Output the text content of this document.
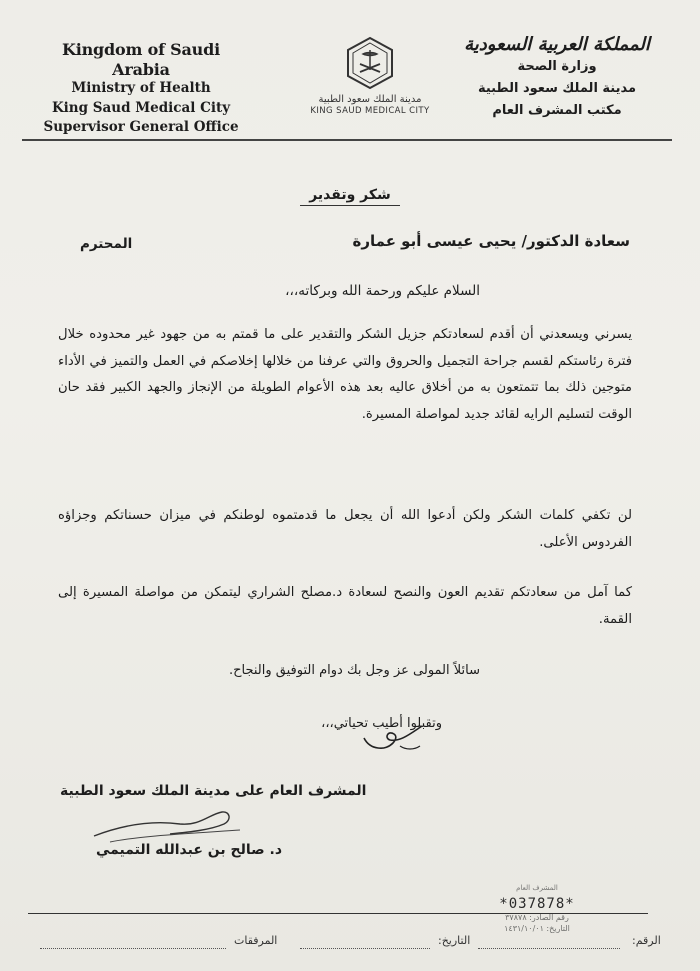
Kingdom of Saudi Arabia
Ministry of Health
King Saud Medical City
Supervisor General Office
مدينة الملك سعود الطبية
KING SAUD MEDICAL CITY
المملكة العربية السعودية
وزارة الصحة
مدينة الملك سعود الطبية
مكتب المشرف العام
شكر وتقدير
سعادة الدكتور/ يحيى عيسى أبو عمارة
المحترم
السلام عليكم ورحمة الله وبركاته،،،
يسرني ويسعدني أن أقدم لسعادتكم جزيل الشكر والتقدير على ما قمتم به من جهود غير محدوده خلال فترة رئاستكم لقسم جراحة التجميل والحروق والتي عرفنا من خلالها إخلاصكم في العمل والتميز في الأداء متوجين ذلك بما تتمتعون به من أخلاق عاليه بعد هذه الأعوام الطويلة من الإنجاز والجهد الكبير فقد حان الوقت لتسليم الرايه لقائد جديد لمواصلة المسيرة.
لن تكفي كلمات الشكر ولكن أدعوا الله أن يجعل ما قدمتموه لوطنكم في ميزان حسناتكم وجزاؤه الفردوس الأعلى.
كما آمل من سعادتكم تقديم العون والنصح لسعادة د.مصلح الشراري ليتمكن من مواصلة المسيرة إلى القمة.
سائلاً المولى عز وجل بك دوام التوفيق والنجاح.
وتقبلوا أطيب تحياتي،،،
المشرف العام على مدينة الملك سعود الطبية
د. صالح بن عبدالله التميمي
المشرف العام
*037878*
رقم الصادر: ٣٧٨٧٨
التاريخ: ١٤٣١/١٠/٠١
الرقم:
التاريخ:
المرفقات
